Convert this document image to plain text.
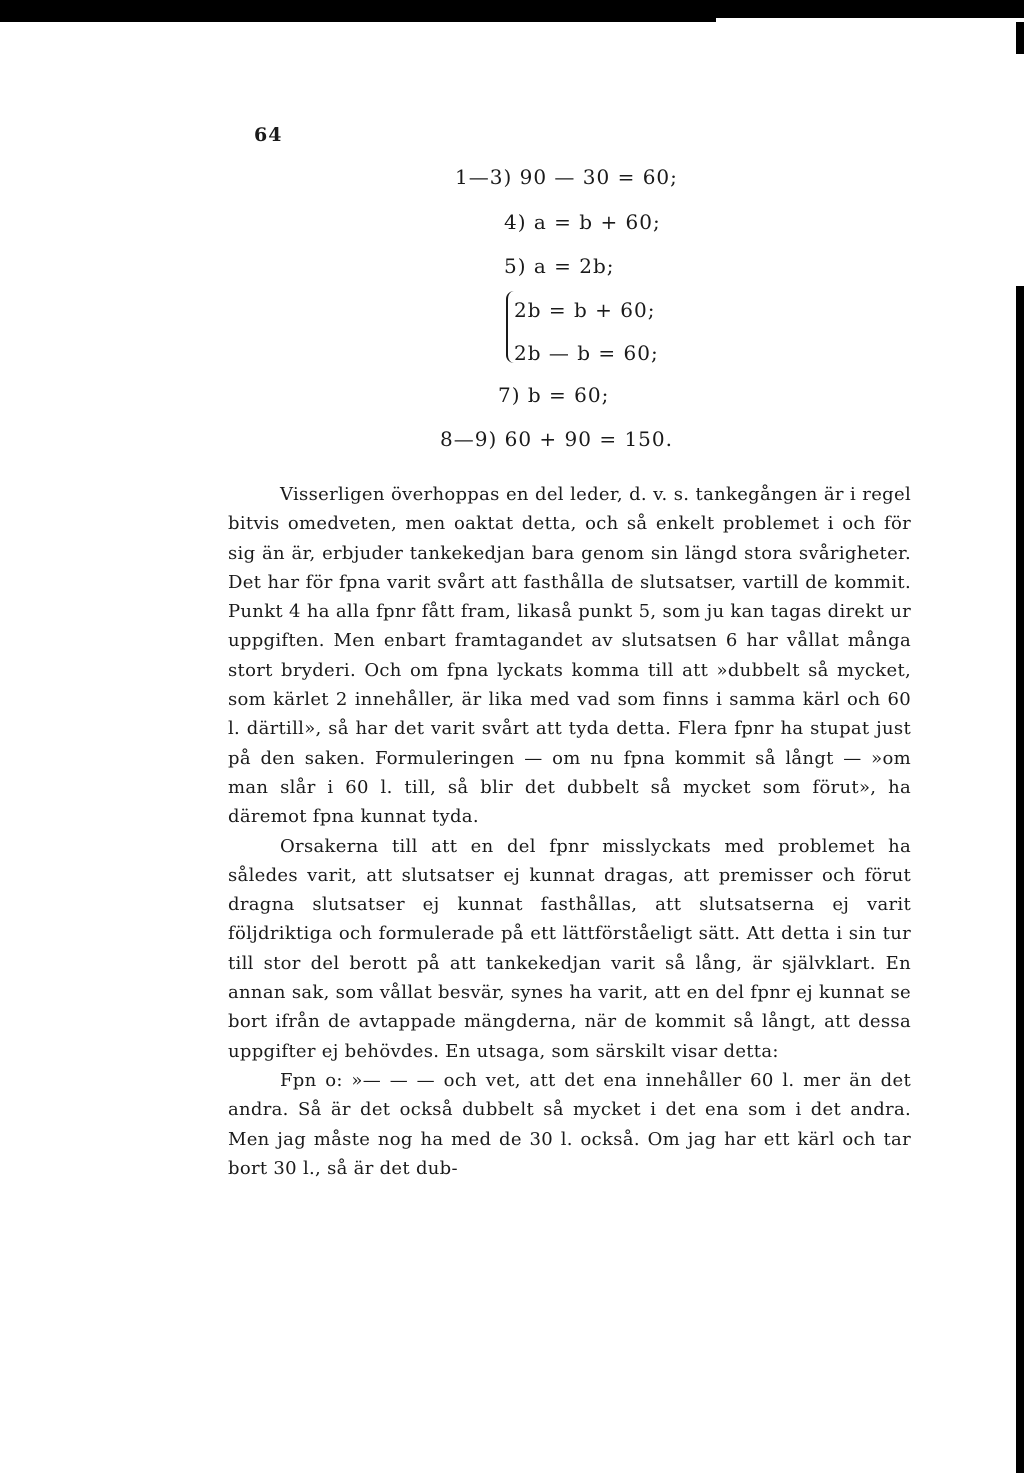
64
1—3) 90 — 30 = 60;
4) a = b + 60;
5) a = 2b;
2b = b + 60;
2b — b = 60;
7) b = 60;
8—9) 60 + 90 = 150.

Visserligen överhoppas en del leder, d. v. s. tankegången är i regel bitvis omedveten, men oaktat detta, och så enkelt problemet i och för sig än är, erbjuder tankekedjan bara genom sin längd stora svårigheter. Det har för fpna varit svårt att fasthålla de slutsatser, vartill de kommit. Punkt 4 ha alla fpnr fått fram, likaså punkt 5, som ju kan tagas direkt ur uppgiften. Men enbart framtagandet av slutsatsen 6 har vållat många stort bryderi. Och om fpna lyckats komma till att »dubbelt så mycket, som kärlet 2 innehåller, är lika med vad som finns i samma kärl och 60 l. därtill», så har det varit svårt att tyda detta. Flera fpnr ha stupat just på den saken. Formuleringen — om nu fpna kommit så långt — »om man slår i 60 l. till, så blir det dubbelt så mycket som förut», ha däremot fpna kunnat tyda.

Orsakerna till att en del fpnr misslyckats med problemet ha således varit, att slutsatser ej kunnat dragas, att premisser och förut dragna slutsatser ej kunnat fasthållas, att slutsatserna ej varit följdriktiga och formulerade på ett lättförståeligt sätt. Att detta i sin tur till stor del berott på att tankekedjan varit så lång, är självklart. En annan sak, som vållat besvär, synes ha varit, att en del fpnr ej kunnat se bort ifrån de avtappade mängderna, när de kommit så långt, att dessa uppgifter ej behövdes. En utsaga, som särskilt visar detta:

Fpn o: »— — — och vet, att det ena innehåller 60 l. mer än det andra. Så är det också dubbelt så mycket i det ena som i det andra. Men jag måste nog ha med de 30 l. också. Om jag har ett kärl och tar bort 30 l., så är det dub-
